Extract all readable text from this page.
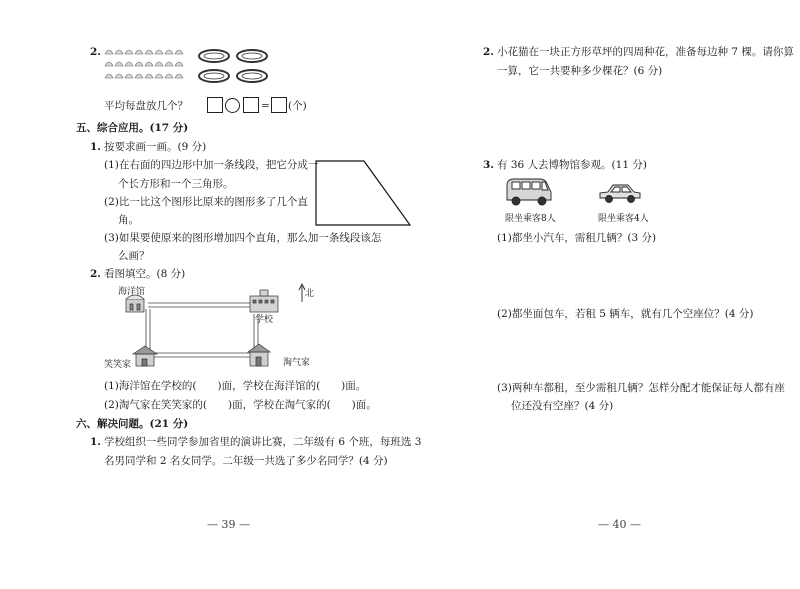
2.
平均每盘放几个？	= (个)
五、综合应用。(17 分)
1. 按要求画一画。(9 分)
(1)在右面的四边形中加一条线段，把它分成一
个长方形和一个三角形。
(2)比一比这个图形比原来的图形多了几个直
角。
(3)如果要使原来的图形增加四个直角，那么加一条线段该怎
么画？
2. 看图填空。(8 分)
海洋馆
学校
北
笑笑家	淘气家
(1)海洋馆在学校的(　　)面，学校在海洋馆的(　　)面。
(2)淘气家在笑笑家的(　　)面，学校在淘气家的(　　)面。
六、解决问题。(21 分)
1. 学校组织一些同学参加省里的演讲比赛，二年级有 6 个班，每班选 3
名男同学和 2 名女同学。二年级一共选了多少名同学？(4 分)
— 39 —
2. 小花猫在一块正方形草坪的四周种花，准备每边种 7 棵。请你算
一算，它一共要种多少棵花？(6 分)
3. 有 36 人去博物馆参观。(11 分)
限坐乘客8人	限坐乘客4人
(1)都坐小汽车，需租几辆？(3 分)
(2)都坐面包车，若租 5 辆车，就有几个空座位？(4 分)
(3)两种车都租，至少需租几辆？怎样分配才能保证每人都有座
位还没有空座？(4 分)
— 40 —
